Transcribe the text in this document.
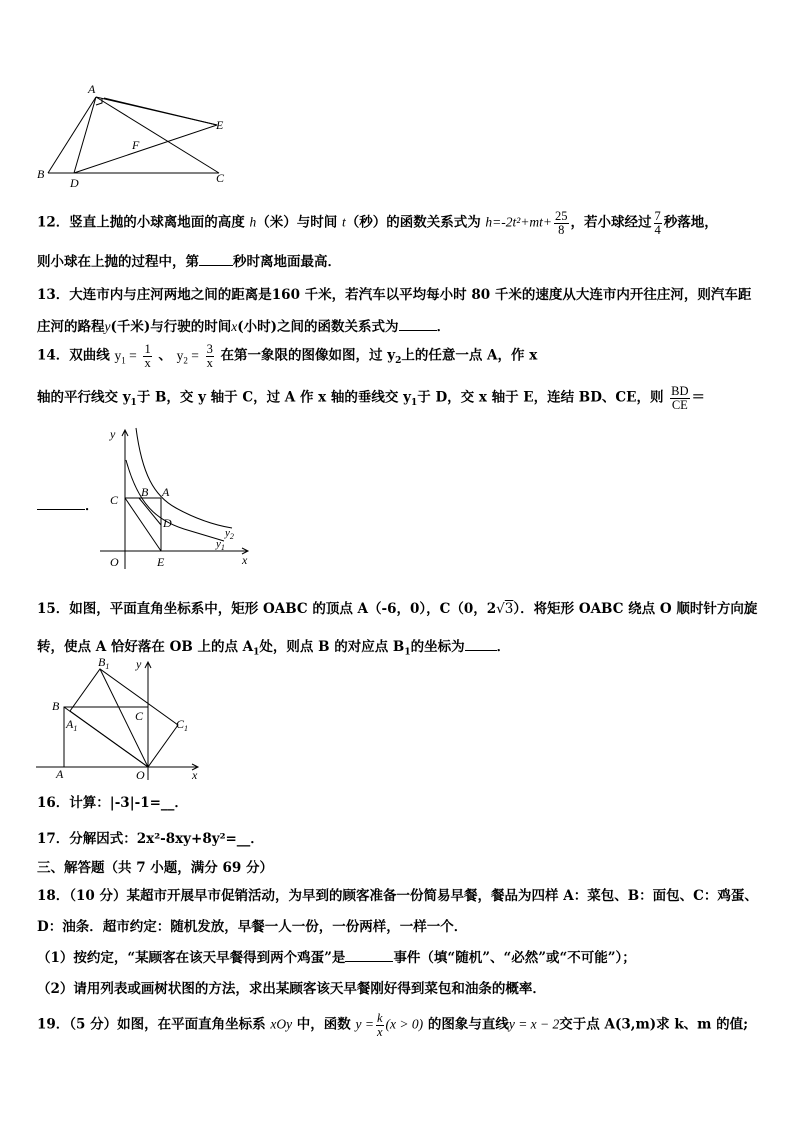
A
B
D	C
E
F
12．竖直上抛的小球离地面的高度 h（米）与时间 t（秒）的函数关系式为 $h=-2t^2+mt+ \frac{25}{8}$ ，若小球经过 $\frac{7}{4}$ 秒落地，
则小球在上抛的过程中，第	秒时离地面最高．
13．大连市内与庄河两地之间的距离是160 千米，若汽车以平均每小时 80 千米的速度从大连市内开往庄河，则汽车距
庄河的路程y(千米)与行驶的时间x(小时)之间的函数关系式为	．
14．双曲线 $y_1 = \frac{1}{x}$ 、 $y_2 = \frac{3}{x}$ 在第一象限的图像如图，过 $y_2$上的任意一点 A，作 x
轴的平行线交 $y_1$于 B，交 y 轴于 C，过 A 作 x 轴的垂线交 $y_1$于 D，交 x 轴于 E，连结 BD、CE，则 $\frac{BD}{CE}$ ＝
y
x
O	E
C
B A
D
$y_2$
$y_1$
．
15．如图，平面直角坐标系中，矩形 OABC 的顶点 A（-6，0），C（0，2√3）．将矩形 OABC 绕点 O 顺时针方向旋
转，使点 A 恰好落在 OB 上的点 $A_1$处，则点 B 的对应点 $B_1$的坐标为 ．
$B_1$
B
$A_1$
C
$C_1$
A	O	x
y
16．计算：|-3|-1=__．
17．分解因式：2x²-8xy+8y²=__．
三、解答题（共 7 小题，满分 69 分）
18．（10 分）某超市开展早市促销活动，为早到的顾客准备一份简易早餐，餐品为四样 A：菜包、B：面包、C：鸡蛋、
D：油条．超市约定：随机发放，早餐一人一份，一份两样，一样一个．
（1）按约定，“某顾客在该天早餐得到两个鸡蛋”是	事件（填“随机”、“必然”或“不可能”）；
（2）请用列表或画树状图的方法，求出某顾客该天早餐刚好得到菜包和油条的概率．
19．（5 分）如图，在平面直角坐标系 xOy 中，函数 $y = \frac{k}{x} (x > 0)$ 的图象与直线y = x − 2交于点 A(3,m)求 k、m 的值;
